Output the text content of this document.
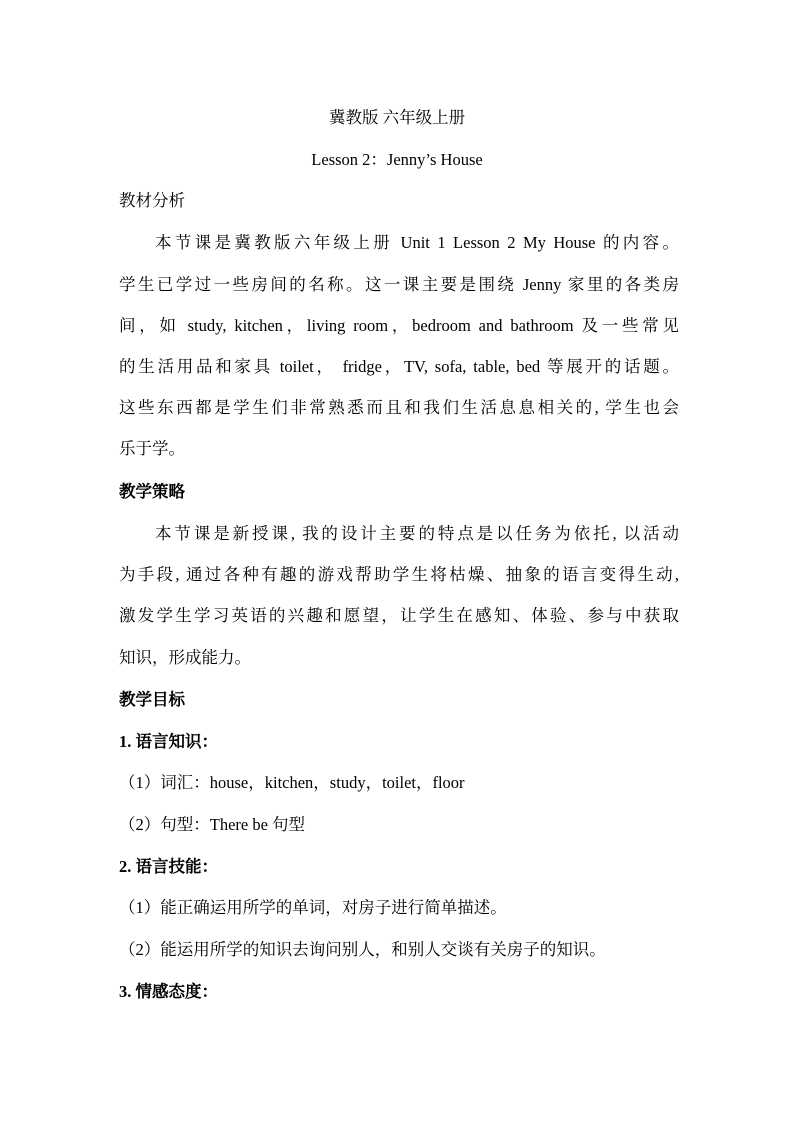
冀教版 六年级上册
Lesson 2：Jenny’s House
教材分析
本节课是冀教版六年级上册 Unit 1 Lesson 2 My House 的内容。
学生已学过一些房间的名称。这一课主要是围绕 Jenny 家里的各类房
间，如 study, kitchen，living room，bedroom and bathroom 及一些常见
的生活用品和家具 toilet， fridge，TV, sofa, table, bed 等展开的话题。
这些东西都是学生们非常熟悉而且和我们生活息息相关的, 学生也会
乐于学。
教学策略
本节课是新授课, 我的设计主要的特点是以任务为依托, 以活动
为手段, 通过各种有趣的游戏帮助学生将枯燥、抽象的语言变得生动,
激发学生学习英语的兴趣和愿望，让学生在感知、体验、参与中获取
知识，形成能力。
教学目标
1. 语言知识：
（1）词汇：house，kitchen，study，toilet，floor
（2）句型：There be 句型
2. 语言技能：
（1）能正确运用所学的单词，对房子进行简单描述。
（2）能运用所学的知识去询问别人，和别人交谈有关房子的知识。
3. 情感态度：
